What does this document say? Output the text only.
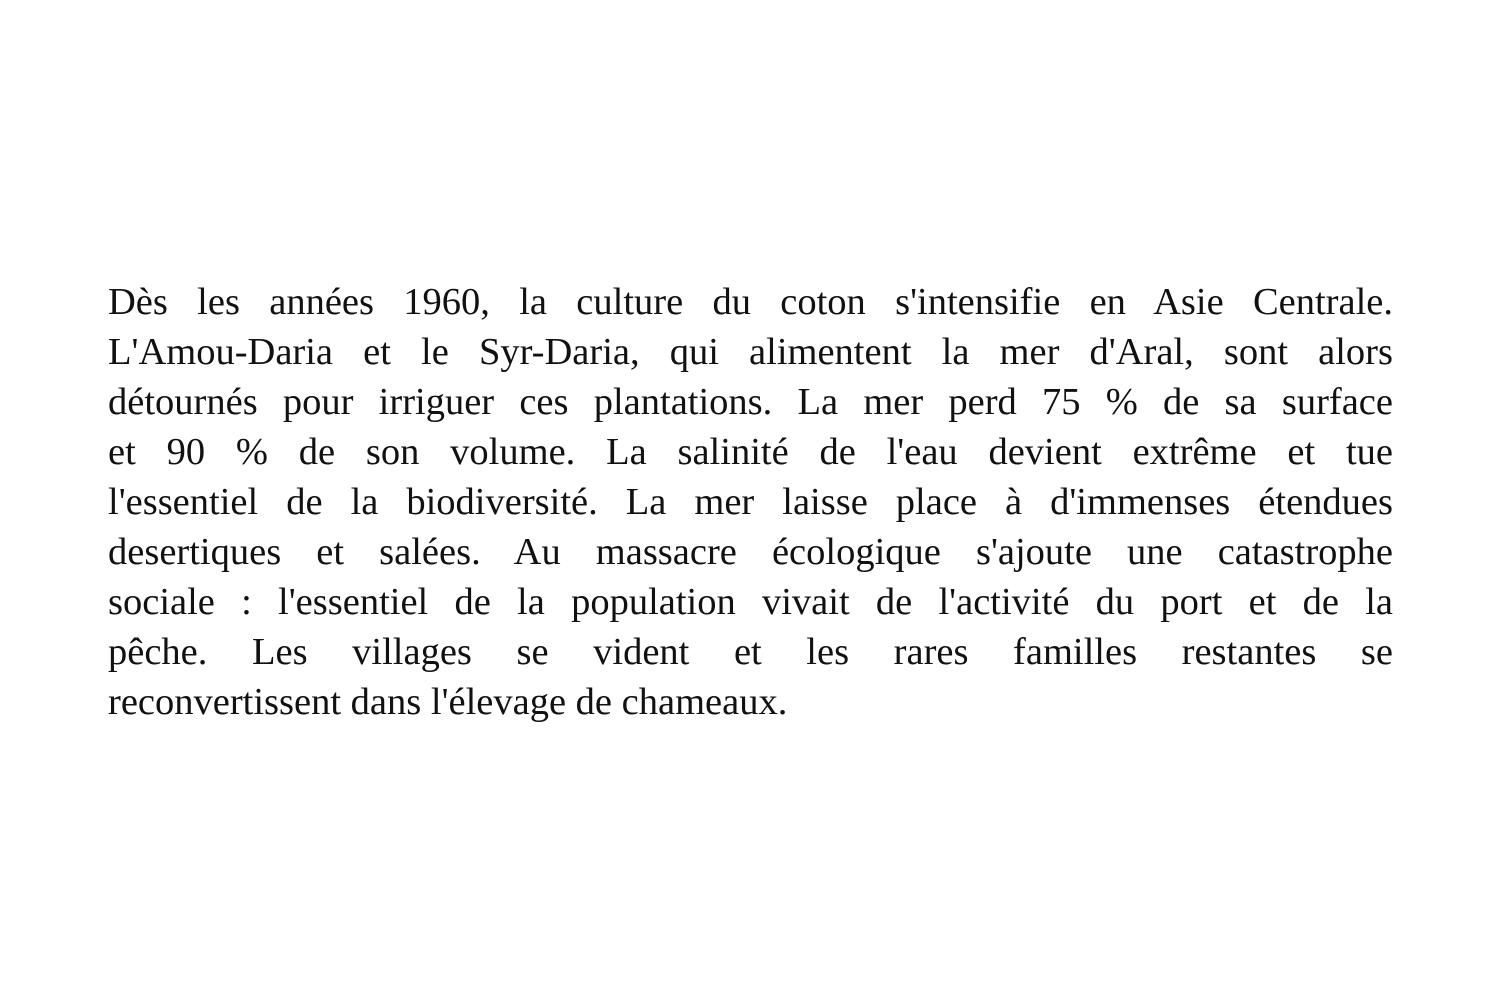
Dès les années 1960, la culture du coton s'intensifie en Asie Centrale.
L'Amou-Daria et le Syr-Daria, qui alimentent la mer d'Aral, sont alors
détournés pour irriguer ces plantations. La mer perd 75 % de sa surface
et 90 % de son volume. La salinité de l'eau devient extrême et tue
l'essentiel de la biodiversité. La mer laisse place à d'immenses étendues
desertiques et salées. Au massacre écologique s'ajoute une catastrophe
sociale : l'essentiel de la population vivait de l'activité du port et de la
pêche. Les villages se vident et les rares familles restantes se
reconvertissent dans l'élevage de chameaux.
